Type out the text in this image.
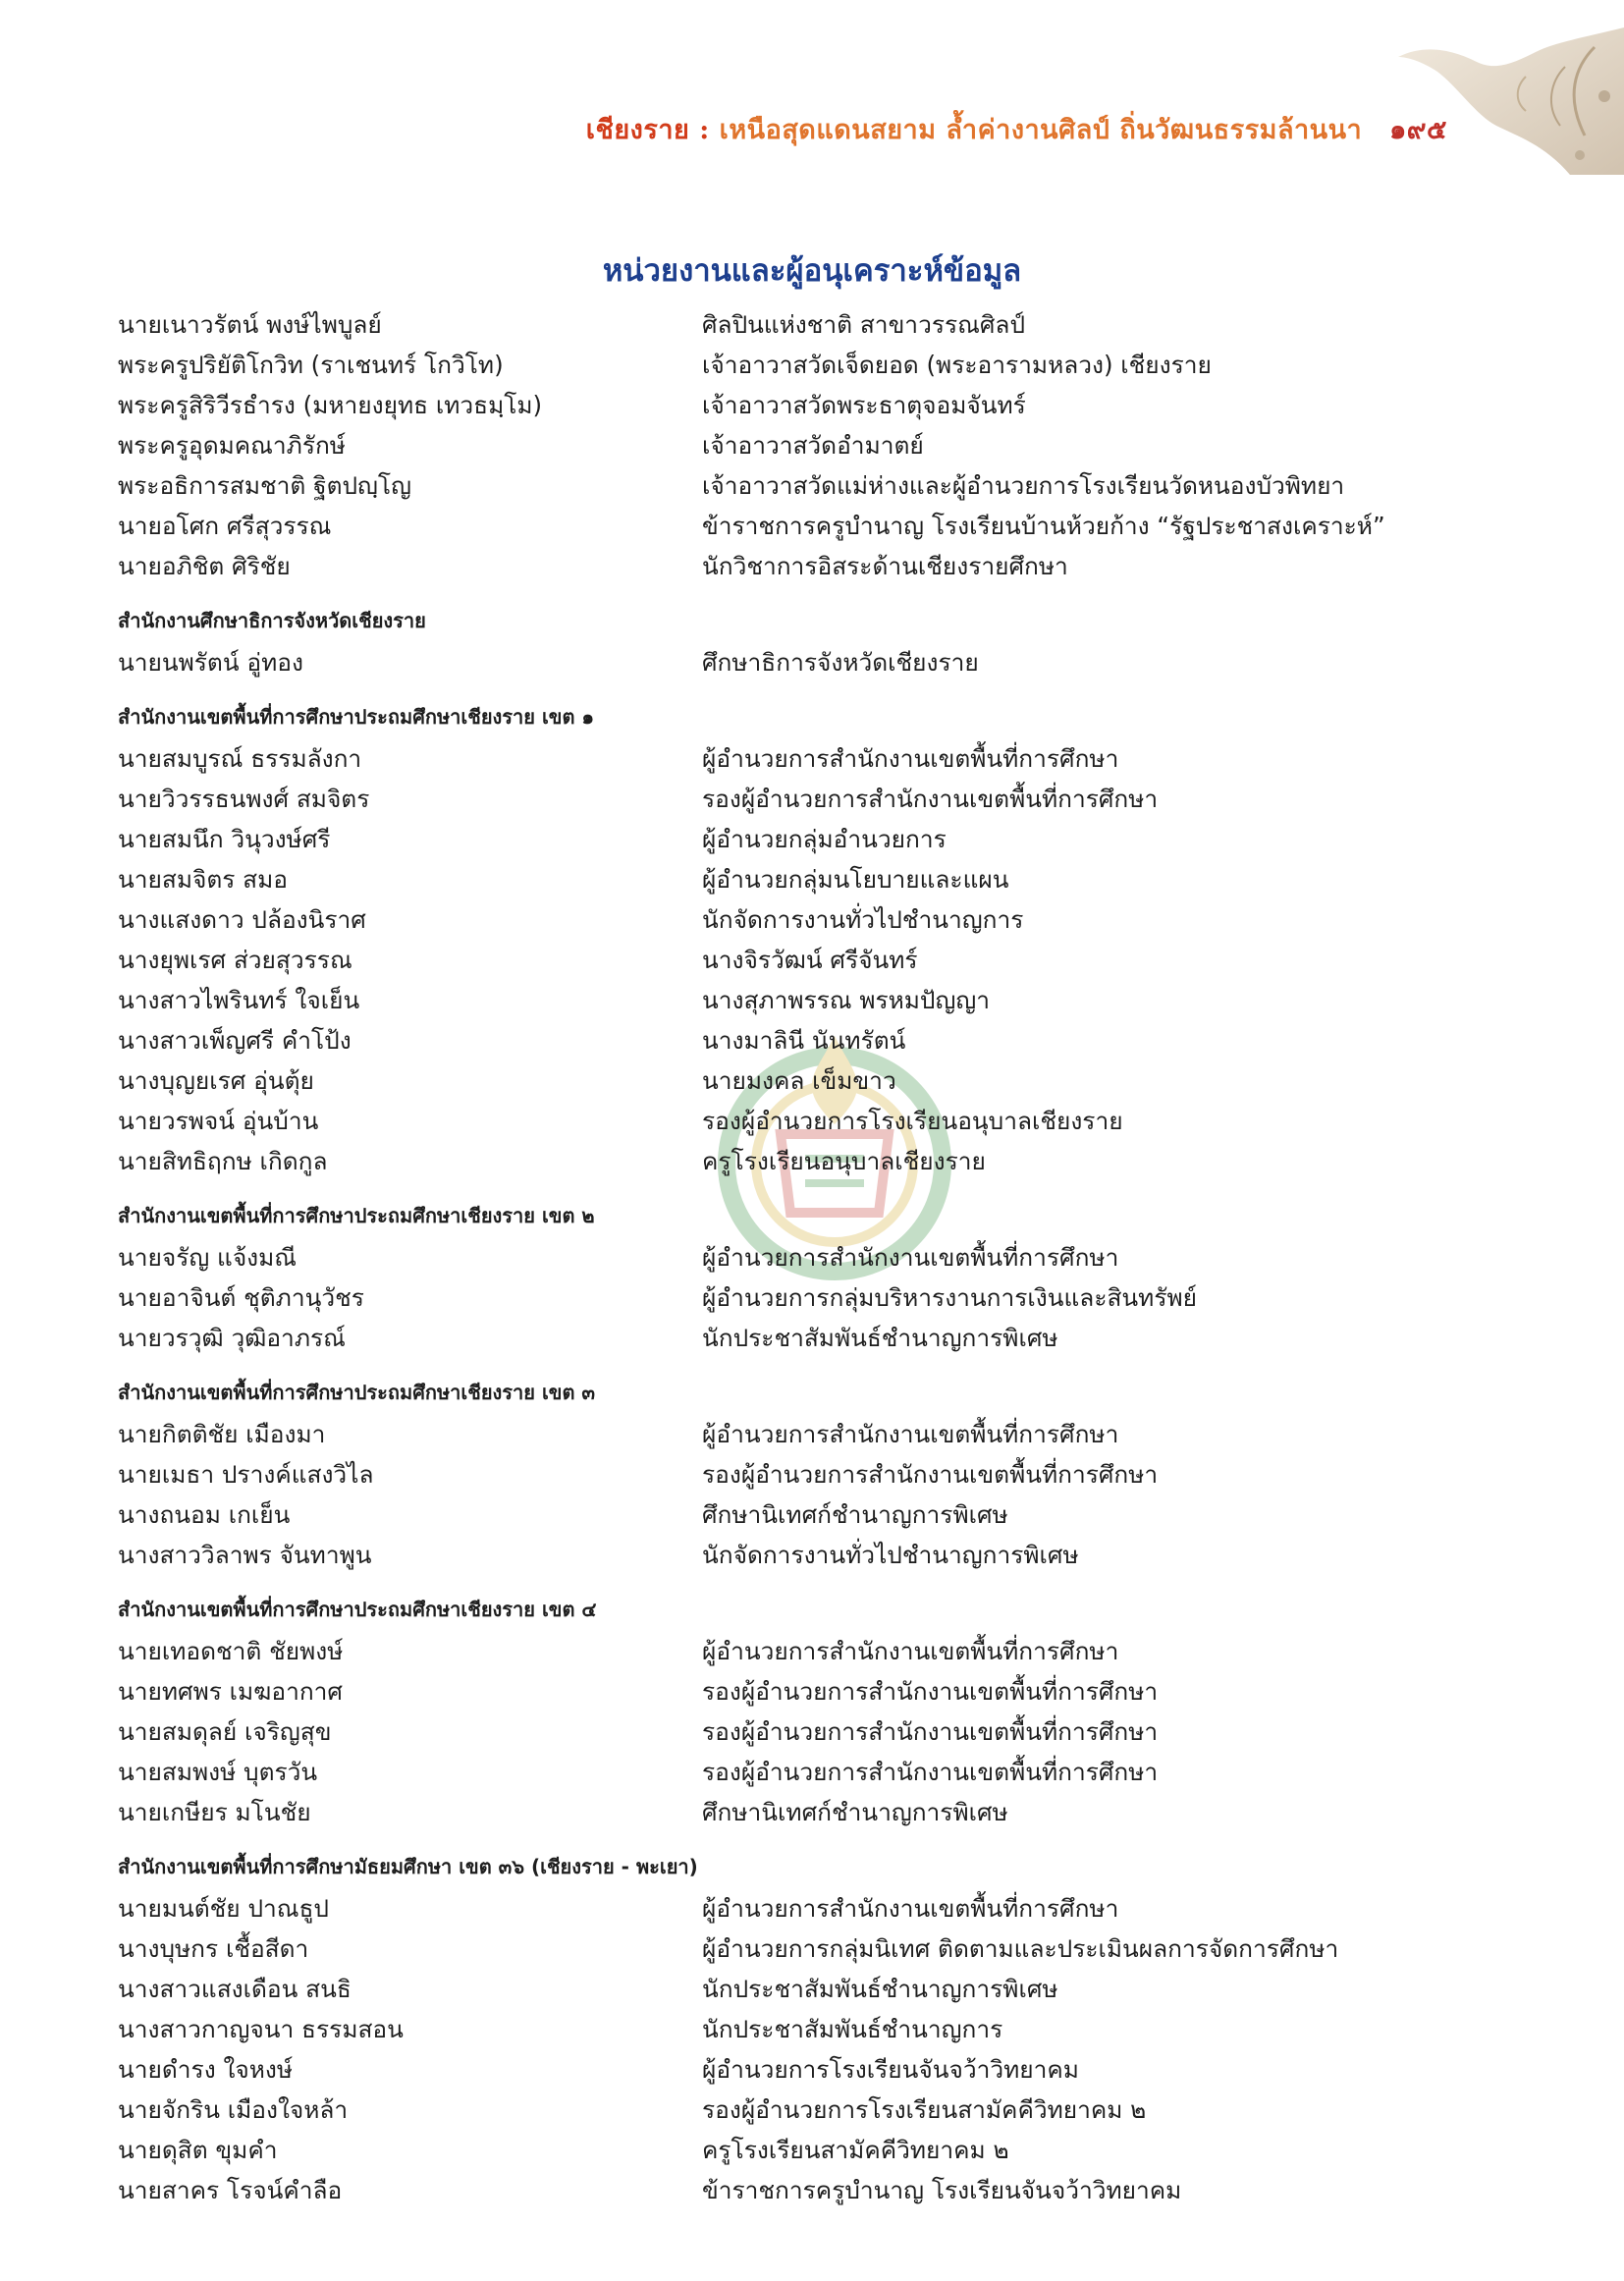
เชียงราย : เหนือสุดแดนสยาม ล้ำค่างานศิลป์ ถิ่นวัฒนธรรมล้านนา ๑๙๕
หน่วยงานและผู้อนุเคราะห์ข้อมูล
นายเนาวรัตน์ พงษ์ไพบูลย์	ศิลปินแห่งชาติ สาขาวรรณศิลป์
พระครูปริยัติโกวิท (ราเชนทร์ โกวิโท)	เจ้าอาวาสวัดเจ็ดยอด (พระอารามหลวง) เชียงราย
พระครูสิริวีรธำรง (มหายงยุทธ เทวธมฺโม)	เจ้าอาวาสวัดพระธาตุจอมจันทร์
พระครูอุดมคณาภิรักษ์	เจ้าอาวาสวัดอำมาตย์
พระอธิการสมชาติ ฐิตปญฺโญ	เจ้าอาวาสวัดแม่ห่างและผู้อำนวยการโรงเรียนวัดหนองบัวพิทยา
นายอโศก ศรีสุวรรณ	ข้าราชการครูบำนาญ โรงเรียนบ้านห้วยก้าง “รัฐประชาสงเคราะห์”
นายอภิชิต ศิริชัย	นักวิชาการอิสระด้านเชียงรายศึกษา
สำนักงานศึกษาธิการจังหวัดเชียงราย
นายนพรัตน์ อู่ทอง	ศึกษาธิการจังหวัดเชียงราย
สำนักงานเขตพื้นที่การศึกษาประถมศึกษาเชียงราย เขต ๑
นายสมบูรณ์ ธรรมลังกา	ผู้อำนวยการสำนักงานเขตพื้นที่การศึกษา
นายวิวรรธนพงศ์ สมจิตร	รองผู้อำนวยการสำนักงานเขตพื้นที่การศึกษา
นายสมนึก วินุวงษ์ศรี	ผู้อำนวยกลุ่มอำนวยการ
นายสมจิตร สมอ	ผู้อำนวยกลุ่มนโยบายและแผน
นางแสงดาว ปล้องนิราศ	นักจัดการงานทั่วไปชำนาญการ
นางยุพเรศ ส่วยสุวรรณ	นางจิรวัฒน์ ศรีจันทร์
นางสาวไพรินทร์ ใจเย็น	นางสุภาพรรณ พรหมปัญญา
นางสาวเพ็ญศรี คำโป้ง	นางมาลินี นันทรัตน์
นางบุญยเรศ อุ่นตุ้ย	นายมงคล เข็มขาว
นายวรพจน์ อุ่นบ้าน	รองผู้อำนวยการโรงเรียนอนุบาลเชียงราย
นายสิทธิฤกษ เกิดกูล	ครูโรงเรียนอนุบาลเชียงราย
สำนักงานเขตพื้นที่การศึกษาประถมศึกษาเชียงราย เขต ๒
นายจรัญ แจ้งมณี	ผู้อำนวยการสำนักงานเขตพื้นที่การศึกษา
นายอาจินต์ ชุติภานุวัชร	ผู้อำนวยการกลุ่มบริหารงานการเงินและสินทรัพย์
นายวรวุฒิ วุฒิอาภรณ์	นักประชาสัมพันธ์ชำนาญการพิเศษ
สำนักงานเขตพื้นที่การศึกษาประถมศึกษาเชียงราย เขต ๓
นายกิตติชัย เมืองมา	ผู้อำนวยการสำนักงานเขตพื้นที่การศึกษา
นายเมธา ปรางค์แสงวิไล	รองผู้อำนวยการสำนักงานเขตพื้นที่การศึกษา
นางถนอม เกเย็น	ศึกษานิเทศก์ชำนาญการพิเศษ
นางสาววิลาพร จันทาพูน	นักจัดการงานทั่วไปชำนาญการพิเศษ
สำนักงานเขตพื้นที่การศึกษาประถมศึกษาเชียงราย เขต ๔
นายเทอดชาติ ชัยพงษ์	ผู้อำนวยการสำนักงานเขตพื้นที่การศึกษา
นายทศพร เมฆอากาศ	รองผู้อำนวยการสำนักงานเขตพื้นที่การศึกษา
นายสมดุลย์ เจริญสุข	รองผู้อำนวยการสำนักงานเขตพื้นที่การศึกษา
นายสมพงษ์ บุตรวัน	รองผู้อำนวยการสำนักงานเขตพื้นที่การศึกษา
นายเกษียร มโนชัย	ศึกษานิเทศก์ชำนาญการพิเศษ
สำนักงานเขตพื้นที่การศึกษามัธยมศึกษา เขต ๓๖ (เชียงราย - พะเยา)
นายมนต์ชัย ปาณธูป	ผู้อำนวยการสำนักงานเขตพื้นที่การศึกษา
นางบุษกร เชื้อสีดา	ผู้อำนวยการกลุ่มนิเทศ ติดตามและประเมินผลการจัดการศึกษา
นางสาวแสงเดือน สนธิ	นักประชาสัมพันธ์ชำนาญการพิเศษ
นางสาวกาญจนา ธรรมสอน	นักประชาสัมพันธ์ชำนาญการ
นายดำรง ใจหงษ์	ผู้อำนวยการโรงเรียนจันจว้าวิทยาคม
นายจักริน เมืองใจหล้า	รองผู้อำนวยการโรงเรียนสามัคคีวิทยาคม ๒
นายดุสิต ขุมคำ	ครูโรงเรียนสามัคคีวิทยาคม ๒
นายสาคร โรจน์คำลือ	ข้าราชการครูบำนาญ โรงเรียนจันจว้าวิทยาคม
